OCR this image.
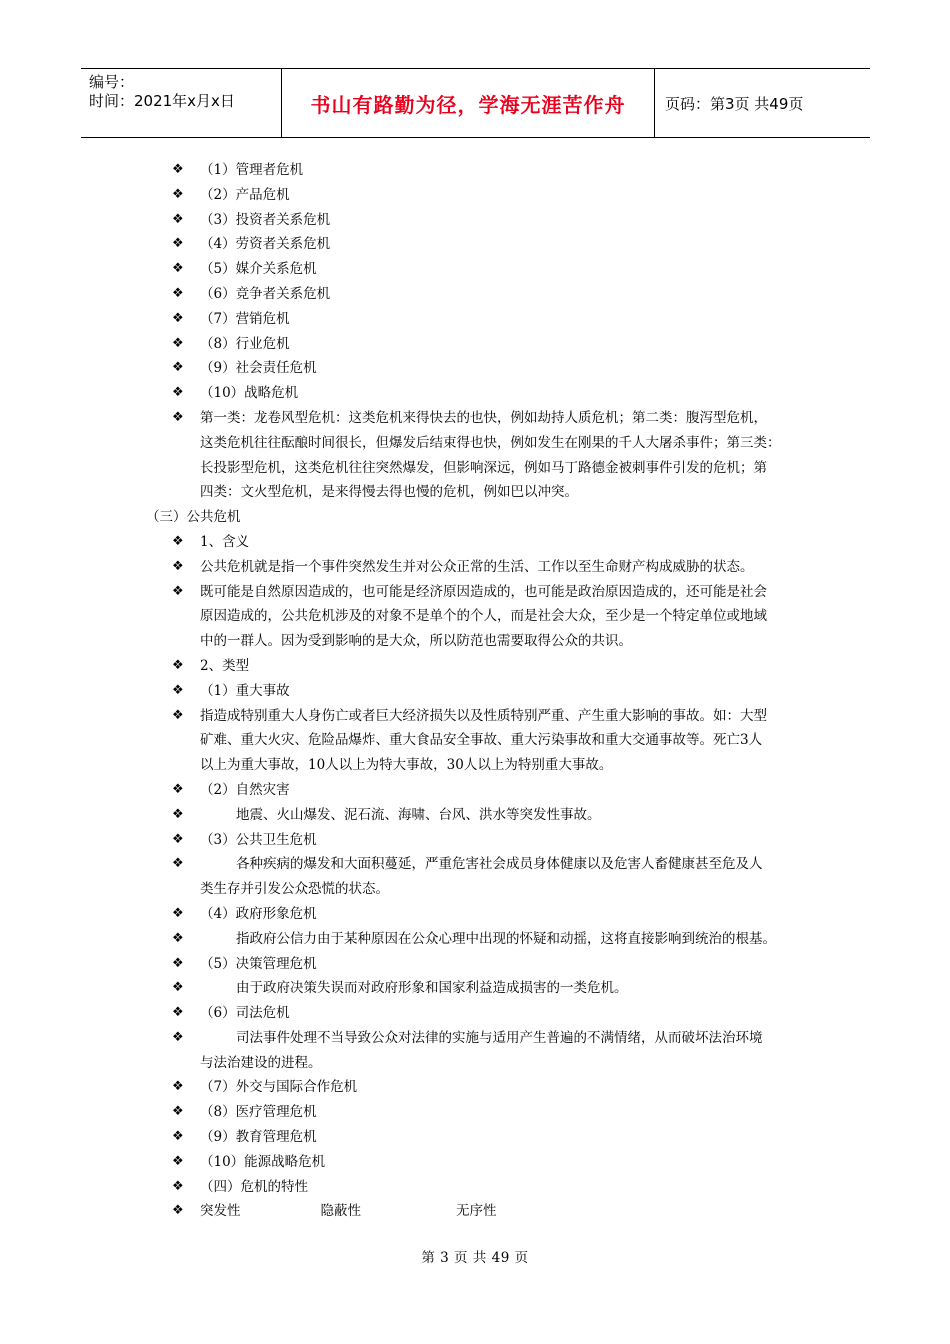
编号：
时间：2021年x月x日	书山有路勤为径，学海无涯苦作舟	页码：第3页 共49页
❖ （1）管理者危机
❖ （2）产品危机
❖ （3）投资者关系危机
❖ （4）劳资者关系危机
❖ （5）媒介关系危机
❖ （6）竞争者关系危机
❖ （7）营销危机
❖ （8）行业危机
❖ （9）社会责任危机
❖ （10）战略危机
❖ 第一类：龙卷风型危机：这类危机来得快去的也快，例如劫持人质危机；第二类：腹泻型危机，
这类危机往往酝酿时间很长，但爆发后结束得也快，例如发生在刚果的千人大屠杀事件；第三类：
长投影型危机，这类危机往往突然爆发，但影响深远，例如马丁路德金被刺事件引发的危机；第
四类：文火型危机，是来得慢去得也慢的危机，例如巴以冲突。
（三）公共危机
❖ 1、含义
❖ 公共危机就是指一个事件突然发生并对公众正常的生活、工作以至生命财产构成威胁的状态。
❖ 既可能是自然原因造成的，也可能是经济原因造成的，也可能是政治原因造成的，还可能是社会
原因造成的，公共危机涉及的对象不是单个的个人，而是社会大众，至少是一个特定单位或地域
中的一群人。因为受到影响的是大众，所以防范也需要取得公众的共识。
❖ 2、类型
❖ （1）重大事故
❖ 指造成特别重大人身伤亡或者巨大经济损失以及性质特别严重、产生重大影响的事故。如：大型
矿难、重大火灾、危险品爆炸、重大食品安全事故、重大污染事故和重大交通事故等。死亡3人
以上为重大事故，10人以上为特大事故，30人以上为特别重大事故。
❖ （2）自然灾害
❖	地震、火山爆发、泥石流、海啸、台风、洪水等突发性事故。
❖ （3）公共卫生危机
❖	各种疾病的爆发和大面积蔓延，严重危害社会成员身体健康以及危害人畜健康甚至危及人
类生存并引发公众恐慌的状态。
❖ （4）政府形象危机
❖	指政府公信力由于某种原因在公众心理中出现的怀疑和动摇，这将直接影响到统治的根基。
❖ （5）决策管理危机
❖	由于政府决策失误而对政府形象和国家利益造成损害的一类危机。
❖ （6）司法危机
❖	司法事件处理不当导致公众对法律的实施与适用产生普遍的不满情绪，从而破坏法治环境
与法治建设的进程。
❖ （7）外交与国际合作危机
❖ （8）医疗管理危机
❖ （9）教育管理危机
❖ （10）能源战略危机
❖ （四）危机的特性
❖ 突发性	隐蔽性	无序性
第 3 页 共 49 页
